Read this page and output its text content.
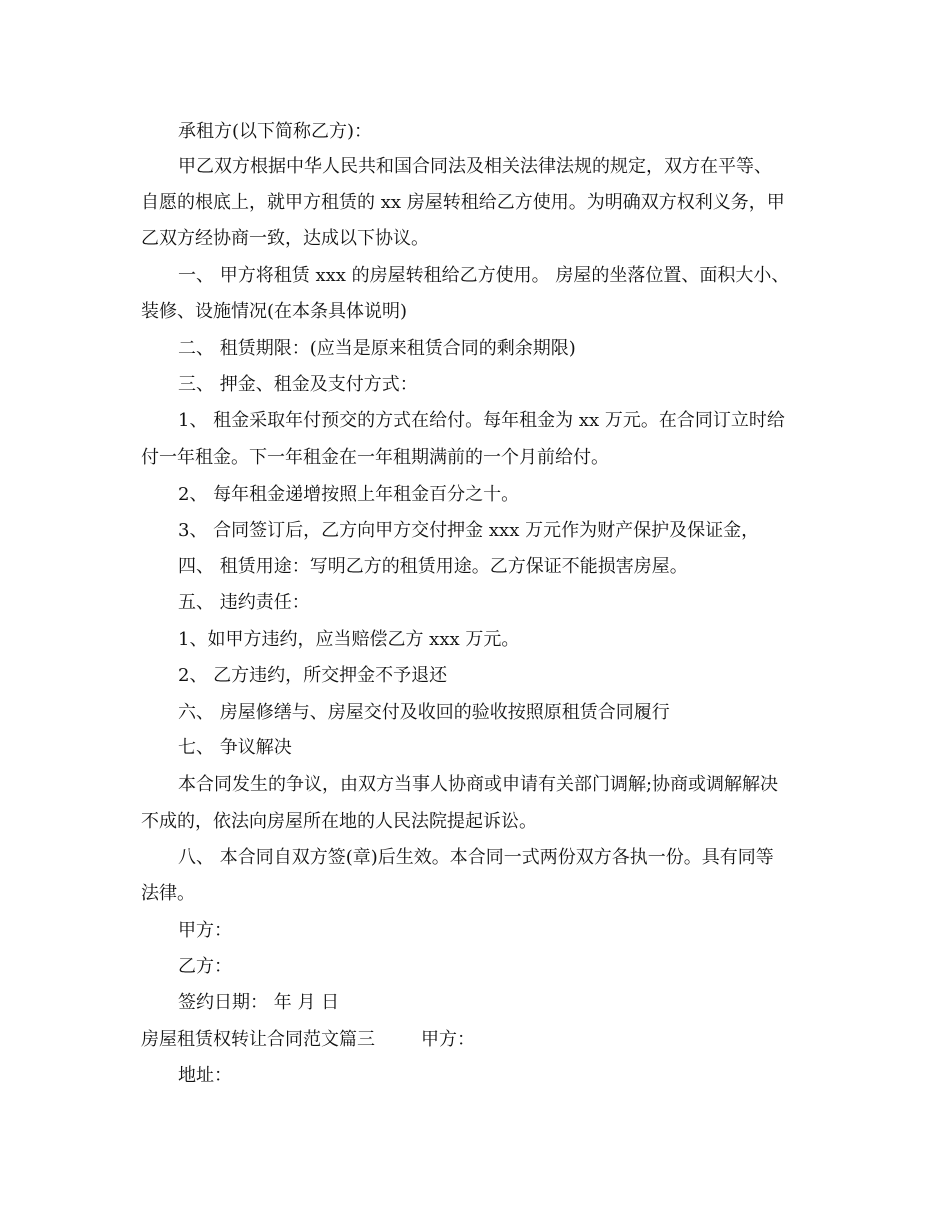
承租方(以下简称乙方)：
甲乙双方根据中华人民共和国合同法及相关法律法规的规定，双方在平等、
自愿的根底上，就甲方租赁的 xx 房屋转租给乙方使用。为明确双方权利义务，甲
乙双方经协商一致，达成以下协议。
一、 甲方将租赁 xxx 的房屋转租给乙方使用。 房屋的坐落位置、面积大小、
装修、设施情况(在本条具体说明)
二、 租赁期限：(应当是原来租赁合同的剩余期限)
三、 押金、租金及支付方式：
1、 租金采取年付预交的方式在给付。每年租金为 xx 万元。在合同订立时给
付一年租金。下一年租金在一年租期满前的一个月前给付。
2、 每年租金递增按照上年租金百分之十。
3、 合同签订后，乙方向甲方交付押金 xxx 万元作为财产保护及保证金，
四、 租赁用途：写明乙方的租赁用途。乙方保证不能损害房屋。
五、 违约责任：
1、如甲方违约，应当赔偿乙方 xxx 万元。
2、 乙方违约，所交押金不予退还
六、 房屋修缮与、房屋交付及收回的验收按照原租赁合同履行
七、 争议解决
本合同发生的争议，由双方当事人协商或申请有关部门调解;协商或调解解决
不成的，依法向房屋所在地的人民法院提起诉讼。
八、 本合同自双方签(章)后生效。本合同一式两份双方各执一份。具有同等
法律。
甲方：
乙方：
签约日期： 年 月 日
房屋租赁权转让合同范文篇三	甲方：
地址：
